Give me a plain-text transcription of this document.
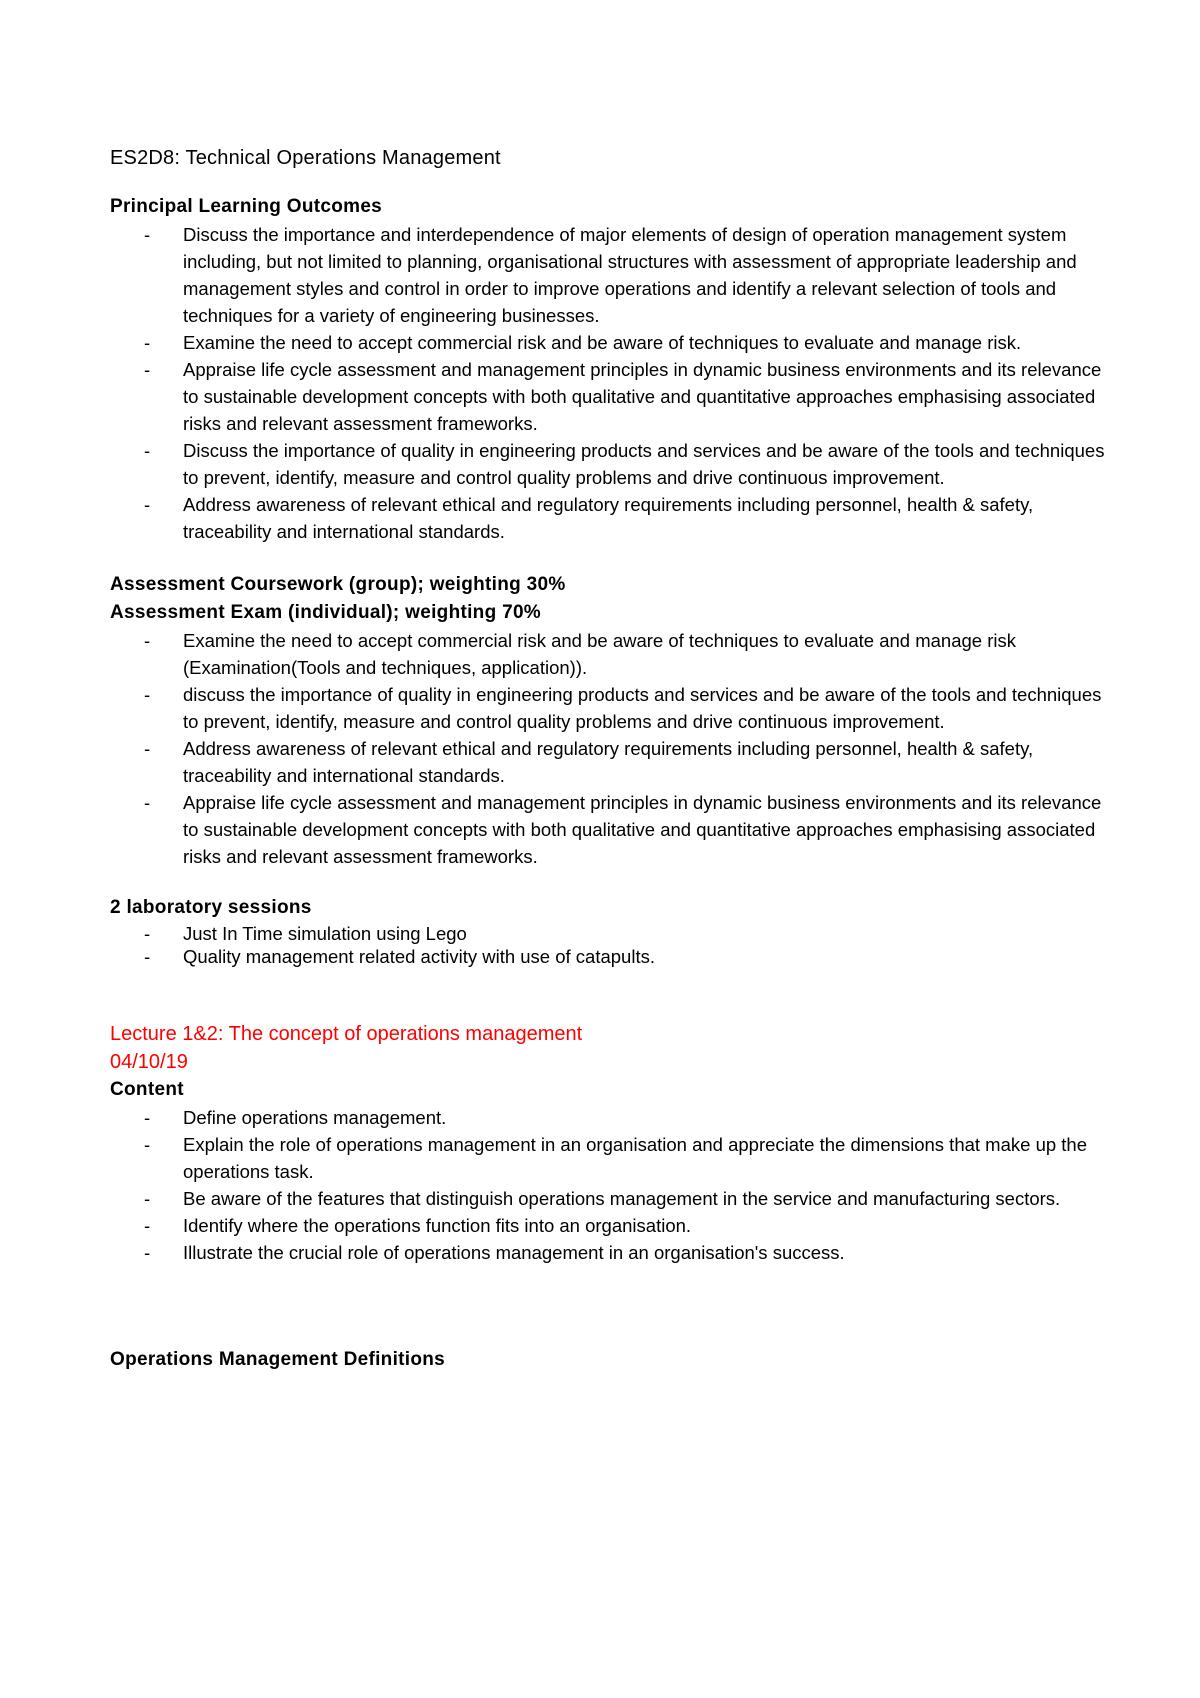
ES2D8: Technical Operations Management
Principal Learning Outcomes
- Discuss the importance and interdependence of major elements of design of operation management system including, but not limited to planning, organisational structures with assessment of appropriate leadership and management styles and control in order to improve operations and identify a relevant selection of tools and techniques for a variety of engineering businesses.
- Examine the need to accept commercial risk and be aware of techniques to evaluate and manage risk.
- Appraise life cycle assessment and management principles in dynamic business environments and its relevance to sustainable development concepts with both qualitative and quantitative approaches emphasising associated risks and relevant assessment frameworks.
- Discuss the importance of quality in engineering products and services and be aware of the tools and techniques to prevent, identify, measure and control quality problems and drive continuous improvement.
- Address awareness of relevant ethical and regulatory requirements including personnel, health & safety, traceability and international standards.
Assessment Coursework (group); weighting 30%
Assessment Exam (individual); weighting 70%
- Examine the need to accept commercial risk and be aware of techniques to evaluate and manage risk (Examination(Tools and techniques, application)).
- discuss the importance of quality in engineering products and services and be aware of the tools and techniques to prevent, identify, measure and control quality problems and drive continuous improvement.
- Address awareness of relevant ethical and regulatory requirements including personnel, health & safety, traceability and international standards.
- Appraise life cycle assessment and management principles in dynamic business environments and its relevance to sustainable development concepts with both qualitative and quantitative approaches emphasising associated risks and relevant assessment frameworks.
2 laboratory sessions
- Just In Time simulation using Lego
- Quality management related activity with use of catapults.
Lecture 1&2: The concept of operations management
04/10/19
Content
- Define operations management.
- Explain the role of operations management in an organisation and appreciate the dimensions that make up the operations task.
- Be aware of the features that distinguish operations management in the service and manufacturing sectors.
- Identify where the operations function fits into an organisation.
- Illustrate the crucial role of operations management in an organisation's success.
Operations Management Definitions
